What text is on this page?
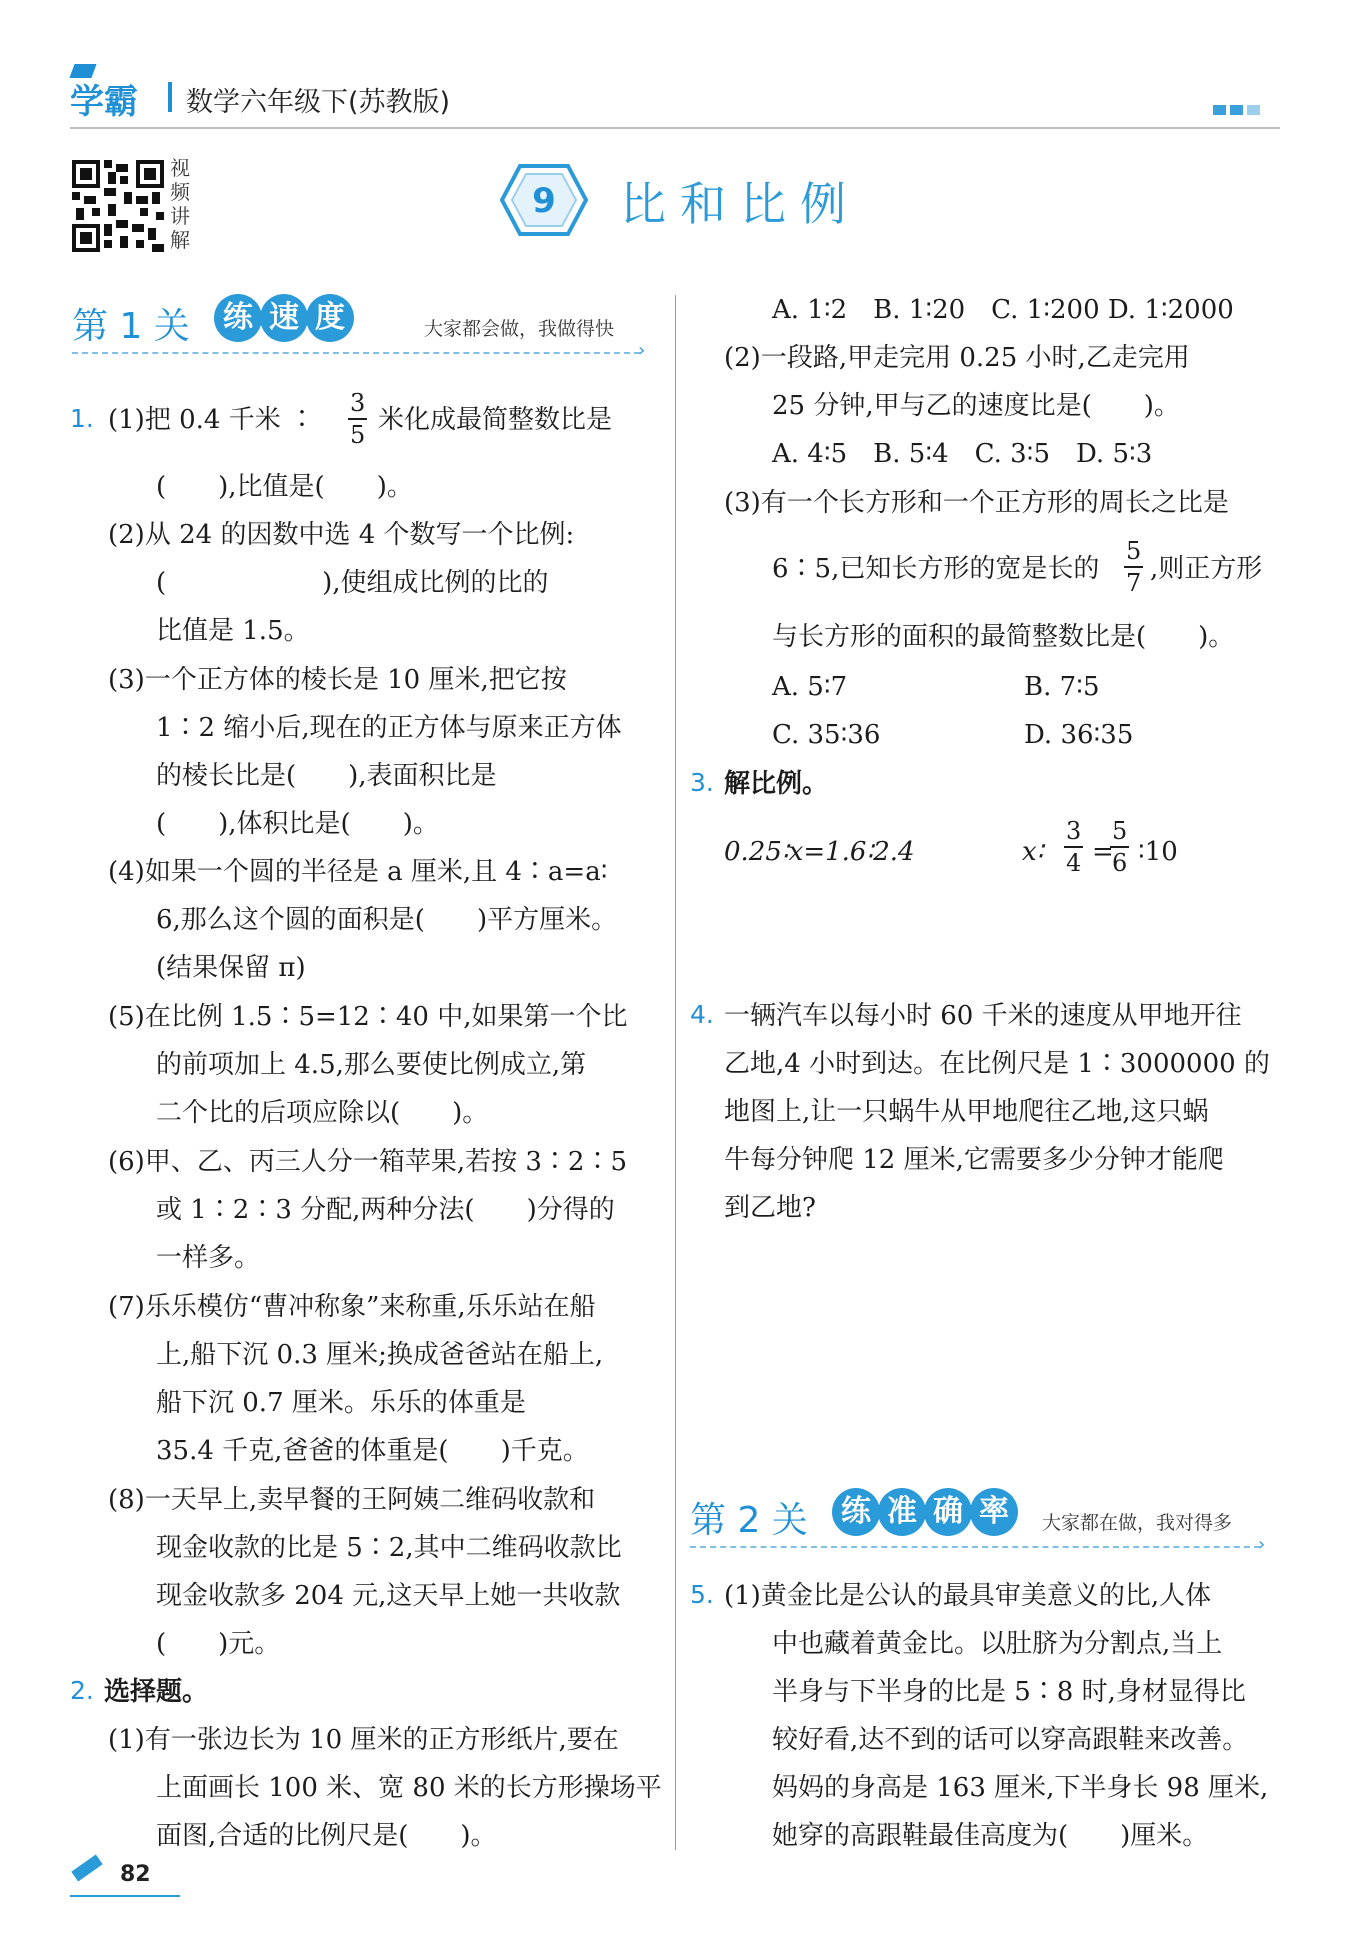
学霸 数学六年级下(苏教版)
视
频
讲
解
9 比和比例
第 1 关	练 速 度	大家都会做，我做得快
›
1. (1)把 0.4 千米 ∶ $\frac{3}{5}$ 米化成最简整数比是
(　　),比值是(　　)。
(2)从 24 的因数中选 4 个数写一个比例:
(　　　　　　),使组成比例的比的
比值是 1.5。
(3)一个正方体的棱长是 10 厘米,把它按
1∶2 缩小后,现在的正方体与原来正方体
的棱长比是(　　),表面积比是
(　　),体积比是(　　)。
(4)如果一个圆的半径是 a 厘米,且 4∶a=a∶
6,那么这个圆的面积是(　　)平方厘米。
(结果保留 π)
(5)在比例 1.5∶5=12∶40 中,如果第一个比
的前项加上 4.5,那么要使比例成立,第
二个比的后项应除以(　　)。
(6)甲、乙、丙三人分一箱苹果,若按 3∶2∶5
或 1∶2∶3 分配,两种分法(　　)分得的
一样多。
(7)乐乐模仿“曹冲称象”来称重,乐乐站在船
上,船下沉 0.3 厘米;换成爸爸站在船上,
船下沉 0.7 厘米。乐乐的体重是
35.4 千克,爸爸的体重是(　　)千克。
(8)一天早上,卖早餐的王阿姨二维码收款和
现金收款的比是 5∶2,其中二维码收款比
现金收款多 204 元,这天早上她一共收款
(　　)元。
2. 选择题。
(1)有一张边长为 10 厘米的正方形纸片,要在
上面画长 100 米、宽 80 米的长方形操场平
面图,合适的比例尺是(　　)。
A. 1∶2　B. 1∶20　C. 1∶200 D. 1∶2000
(2)一段路,甲走完用 0.25 小时,乙走完用
25 分钟,甲与乙的速度比是(　　)。
A. 4∶5　B. 5∶4　C. 3∶5　D. 5∶3
(3)有一个长方形和一个正方形的周长之比是
6∶5,已知长方形的宽是长的 $\frac{5}{7}$ ,则正方形
与长方形的面积的最简整数比是(　　)。
A. 5∶7	B. 7∶5
C. 35∶36	D. 36∶35
3. 解比例。
0.25∶x=1.6∶2.4	x∶ $\frac{3}{4}$ =
$\frac{5}{6}$ ∶10
4. 一辆汽车以每小时 60 千米的速度从甲地开往
乙地,4 小时到达。在比例尺是 1∶3000000 的
地图上,让一只蜗牛从甲地爬往乙地,这只蜗
牛每分钟爬 12 厘米,它需要多少分钟才能爬
到乙地?
第 2 关	练 准 确 率	大家都在做，我对得多
›
5. (1)黄金比是公认的最具审美意义的比,人体
中也藏着黄金比。以肚脐为分割点,当上
半身与下半身的比是 5∶8 时,身材显得比
较好看,达不到的话可以穿高跟鞋来改善。
妈妈的身高是 163 厘米,下半身长 98 厘米,
她穿的高跟鞋最佳高度为(　　)厘米。
82
